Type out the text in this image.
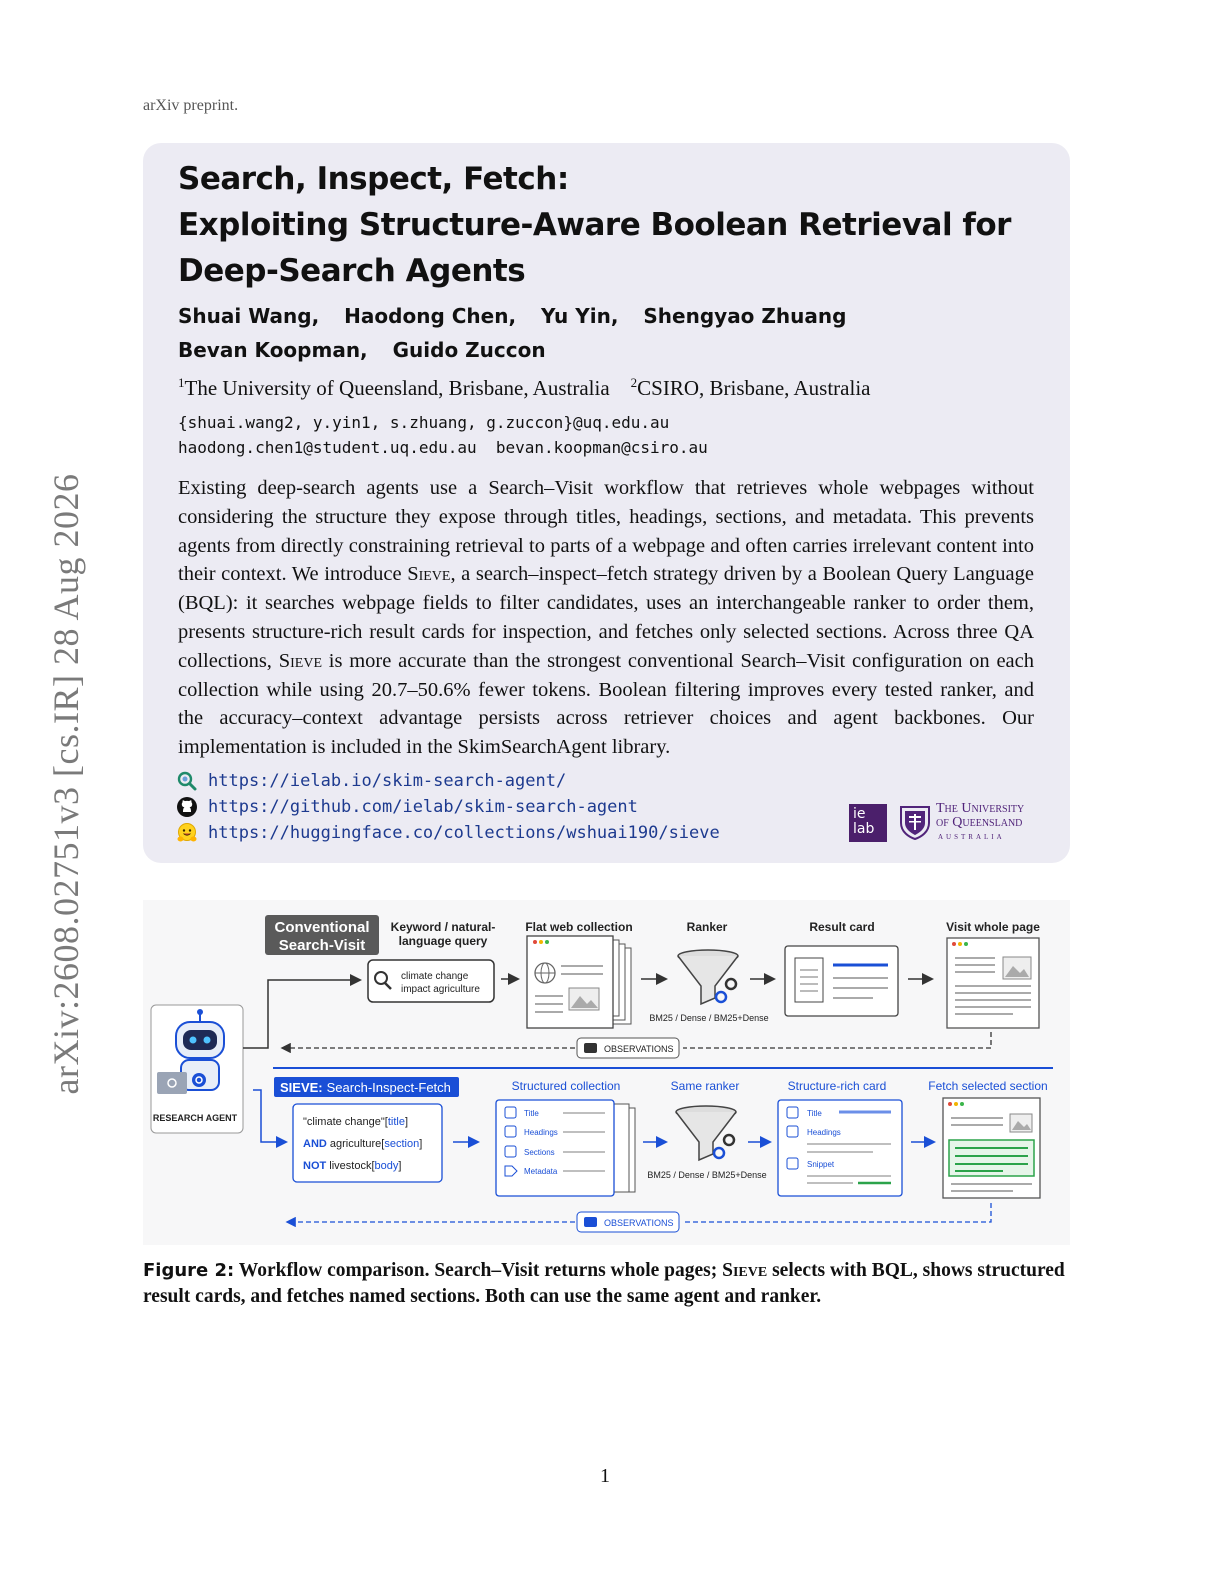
arXiv preprint.
arXiv:2608.02751v3 [cs.IR] 28 Aug 2026
Search, Inspect, Fetch:
Exploiting Structure-Aware Boolean Retrieval for
Deep-Search Agents
Shuai Wang, Haodong Chen, Yu Yin, Shengyao Zhuang
Bevan Koopman, Guido Zuccon
$^1$The University of Queensland, Brisbane, Australia $^2$CSIRO, Brisbane, Australia
{shuai.wang2, y.yin1, s.zhuang, g.zuccon}@uq.edu.au
haodong.chen1@student.uq.edu.au  bevan.koopman@csiro.au
Existing deep-search agents use a Search–Visit workflow that retrieves whole webpages without considering the structure they expose through titles, headings, sections, and metadata. This prevents agents from directly constraining retrieval to parts of a webpage and often carries irrelevant content into their context. We introduce Sieve, a search–inspect–fetch strategy driven by a Boolean Query Language (BQL): it searches webpage fields to filter candidates, uses an interchangeable ranker to order them, presents structure-rich result cards for inspection, and fetches only selected sections. Across three QA collections, Sieve is more accurate than the strongest conventional Search–Visit configuration on each collection while using 20.7–50.6% fewer tokens. Boolean filtering improves every tested ranker, and the accuracy–context advantage persists across retriever choices and agent backbones. Our implementation is included in the SkimSearchAgent library.
https://ielab.io/skim-search-agent/
https://github.com/ielab/skim-search-agent
https://huggingface.co/collections/wshuai190/sieve
ie
lab
The University
of Queensland
AUSTRALIA
Conventional
Search-Visit
Keyword / natural-
language query
Flat web collection	Ranker	Result card	Visit whole page
RESEARCH AGENT
climate change
impact agriculture
BM25 / Dense / BM25+Dense
OBSERVATIONS
SIEVE: Search-Inspect-Fetch	Structured collection	Same ranker	Structure-rich card	Fetch selected section
"climate change"[title]
AND agriculture[section]
NOT livestock[body]
Title
Headings
Sections
Metadata	BM25 / Dense / BM25+Dense
Title
Headings
Snippet
OBSERVATIONS
Figure 2: Workflow comparison. Search–Visit returns whole pages; Sieve selects with BQL, shows structured result cards, and fetches named sections. Both can use the same agent and ranker.
1
